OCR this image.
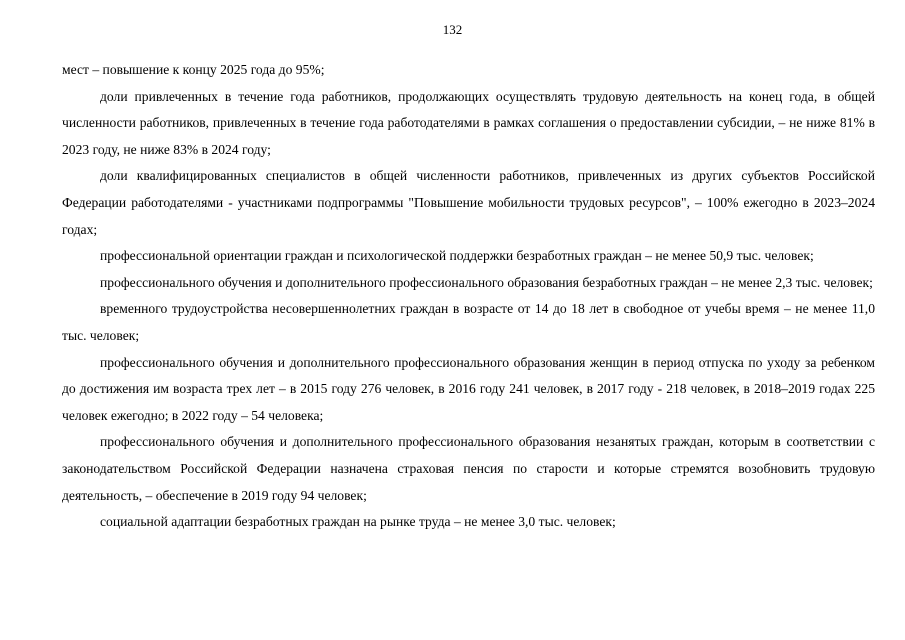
132

мест – повышение к концу 2025 года до 95%;

доли привлеченных в течение года работников, продолжающих осуществлять трудовую деятельность на конец года, в общей численности работников, привлеченных в течение года работодателями в рамках соглашения о предоставлении субсидии, – не ниже 81% в 2023 году, не ниже 83% в 2024 году;

доли квалифицированных специалистов в общей численности работников, привлеченных из других субъектов Российской Федерации работодателями - участниками подпрограммы "Повышение мобильности трудовых ресурсов", – 100% ежегодно в 2023–2024 годах;

профессиональной ориентации граждан и психологической поддержки безработных граждан – не менее 50,9 тыс. человек;

профессионального обучения и дополнительного профессионального образования безработных граждан – не менее 2,3 тыс. человек;

временного трудоустройства несовершеннолетних граждан в возрасте от 14 до 18 лет в свободное от учебы время – не менее 11,0 тыс. человек;

профессионального обучения и дополнительного профессионального образования женщин в период отпуска по уходу за ребенком до достижения им возраста трех лет – в 2015 году 276 человек, в 2016 году 241 человек, в 2017 году - 218 человек, в 2018–2019 годах 225 человек ежегодно; в 2022 году – 54 человека;

профессионального обучения и дополнительного профессионального образования незанятых граждан, которым в соответствии с законодательством Российской Федерации назначена страховая пенсия по старости и которые стремятся возобновить трудовую деятельность, – обеспечение в 2019 году 94 человек;

социальной адаптации безработных граждан на рынке труда – не менее 3,0 тыс. человек;
